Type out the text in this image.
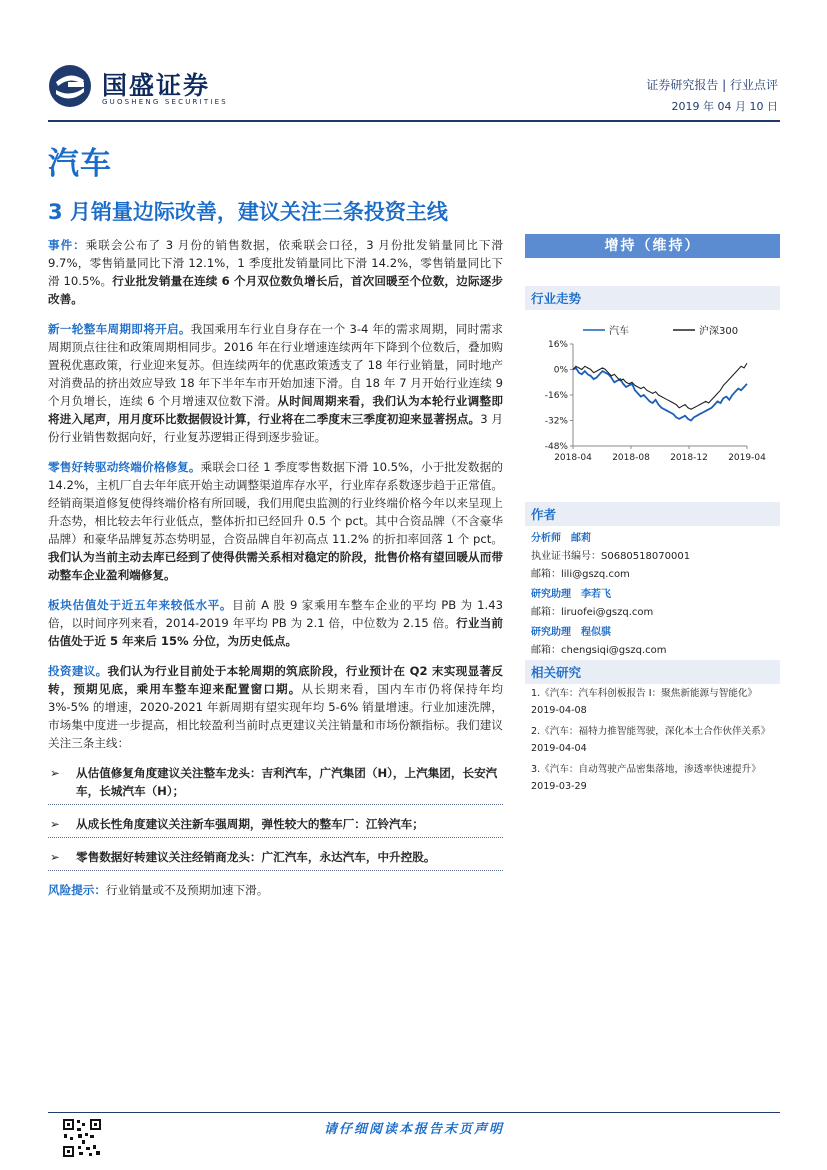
国盛证券
GUOSHENG SECURITIES
证券研究报告 | 行业点评
2019 年 04 月 10 日
汽车
3 月销量边际改善，建议关注三条投资主线

事件：乘联会公布了 3 月份的销售数据，依乘联会口径，3 月份批发销量同比下滑 9.7%，零售销量同比下滑 12.1%，1 季度批发销量同比下滑 14.2%，零售销量同比下滑 10.5%。行业批发销量在连续 6 个月双位数负增长后，首次回暖至个位数，边际逐步改善。

新一轮整车周期即将开启。我国乘用车行业自身存在一个 3-4 年的需求周期，同时需求周期顶点往往和政策周期相同步。2016 年在行业增速连续两年下降到个位数后，叠加购置税优惠政策，行业迎来复苏。但连续两年的优惠政策透支了 18 年行业销量，同时地产对消费品的挤出效应导致 18 年下半年车市开始加速下滑。自 18 年 7 月开始行业连续 9 个月负增长，连续 6 个月增速双位数下滑。从时间周期来看，我们认为本轮行业调整即将进入尾声，用月度环比数据假设计算，行业将在二季度末三季度初迎来显著拐点。3 月份行业销售数据向好，行业复苏逻辑正得到逐步验证。

零售好转驱动终端价格修复。乘联会口径 1 季度零售数据下滑 10.5%，小于批发数据的 14.2%，主机厂自去年年底开始主动调整渠道库存水平，行业库存系数逐步趋于正常值。经销商渠道修复使得终端价格有所回暖，我们用爬虫监测的行业终端价格今年以来呈现上升态势，相比较去年行业低点，整体折扣已经回升 0.5 个 pct。其中合资品牌（不含豪华品牌）和豪华品牌复苏态势明显，合资品牌自年初高点 11.2% 的折扣率回落 1 个 pct。我们认为当前主动去库已经到了使得供需关系相对稳定的阶段，批售价格有望回暖从而带动整车企业盈利端修复。

板块估值处于近五年来较低水平。目前 A 股 9 家乘用车整车企业的平均 PB 为 1.43 倍，以时间序列来看，2014-2019 年平均 PB 为 2.1 倍，中位数为 2.15 倍。行业当前估值处于近 5 年来后 15% 分位，为历史低点。

投资建议。我们认为行业目前处于本轮周期的筑底阶段，行业预计在 Q2 末实现显著反转，预期见底，乘用车整车迎来配置窗口期。从长期来看，国内车市仍将保持年均 3%-5% 的增速，2020-2021 年新周期有望实现年均 5-6% 销量增速。行业加速洗牌，市场集中度进一步提高，相比较盈利当前时点更建议关注销量和市场份额指标。我们建议关注三条主线：

➢ 从估值修复角度建议关注整车龙头：吉利汽车，广汽集团（H），上汽集团，长安汽车，长城汽车（H）；
➢ 从成长性角度建议关注新车强周期，弹性较大的整车厂：江铃汽车；
➢ 零售数据好转建议关注经销商龙头：广汇汽车，永达汽车，中升控股。
风险提示：行业销量或不及预期加速下滑。
增持（维持）
行业走势
汽车	沪深300
16%
0%
-16%
-32%
-48%
2018-04 2018-08 2018-12 2019-04
作者
分析师 邮莉
执业证书编号：S0680518070001
邮箱：lili@gszq.com
研究助理 李若飞
邮箱：liruofei@gszq.com
研究助理 程似骐
邮箱：chengsiqi@gszq.com
相关研究
1.《汽车：汽车科创板报告 I：聚焦新能源与智能化》
2019-04-08
2.《汽车：福特力推智能驾驶，深化本土合作伙伴关系》
2019-04-04
3.《汽车：自动驾驶产品密集落地，渗透率快速提升》
2019-03-29
请仔细阅读本报告末页声明
